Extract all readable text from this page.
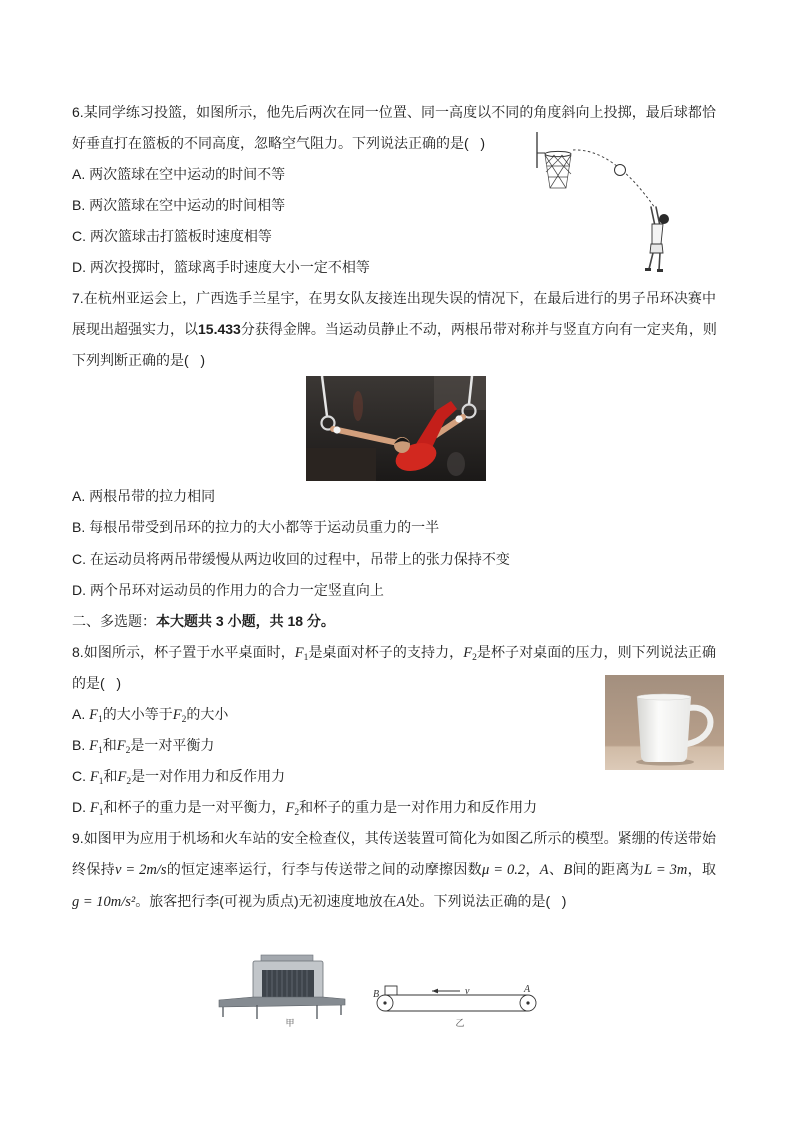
6.某同学练习投篮，如图所示，他先后两次在同一位置、同一高度以不同的角度斜向上投掷，最后球都恰
好垂直打在篮板的不同高度，忽略空气阻力。下列说法正确的是(   )
A. 两次篮球在空中运动的时间不等
B. 两次篮球在空中运动的时间相等
C. 两次篮球击打篮板时速度相等
D. 两次投掷时，篮球离手时速度大小一定不相等
7.在杭州亚运会上，广西选手兰星宇，在男女队友接连出现失误的情况下，在最后进行的男子吊环决赛中
展现出超强实力，以15.433分获得金牌。当运动员静止不动，两根吊带对称并与竖直方向有一定夹角，则
下列判断正确的是(   )
A. 两根吊带的拉力相同
B. 每根吊带受到吊环的拉力的大小都等于运动员重力的一半
C. 在运动员将两吊带缓慢从两边收回的过程中，吊带上的张力保持不变
D. 两个吊环对运动员的作用力的合力一定竖直向上
二、多选题：本大题共 3 小题，共 18 分。
8.如图所示，杯子置于水平桌面时，$F_1$是桌面对杯子的支持力，$F_2$是杯子对桌面的压力，则下列说法正确
的是(   )
A. $F_1$的大小等于$F_2$的大小
B. $F_1$和$F_2$是一对平衡力
C. $F_1$和$F_2$是一对作用力和反作用力
D. $F_1$和杯子的重力是一对平衡力，$F_2$和杯子的重力是一对作用力和反作用力
9.如图甲为应用于机场和火车站的安全检查仪，其传送装置可简化为如图乙所示的模型。紧绷的传送带始
终保持v = 2m/s的恒定速率运行，行李与传送带之间的动摩擦因数μ = 0.2，A、B间的距离为L = 3m，取
g = 10m/s²。旅客把行李(可视为质点)无初速度地放在A处。下列说法正确的是(   )
甲
B	v	A
乙
